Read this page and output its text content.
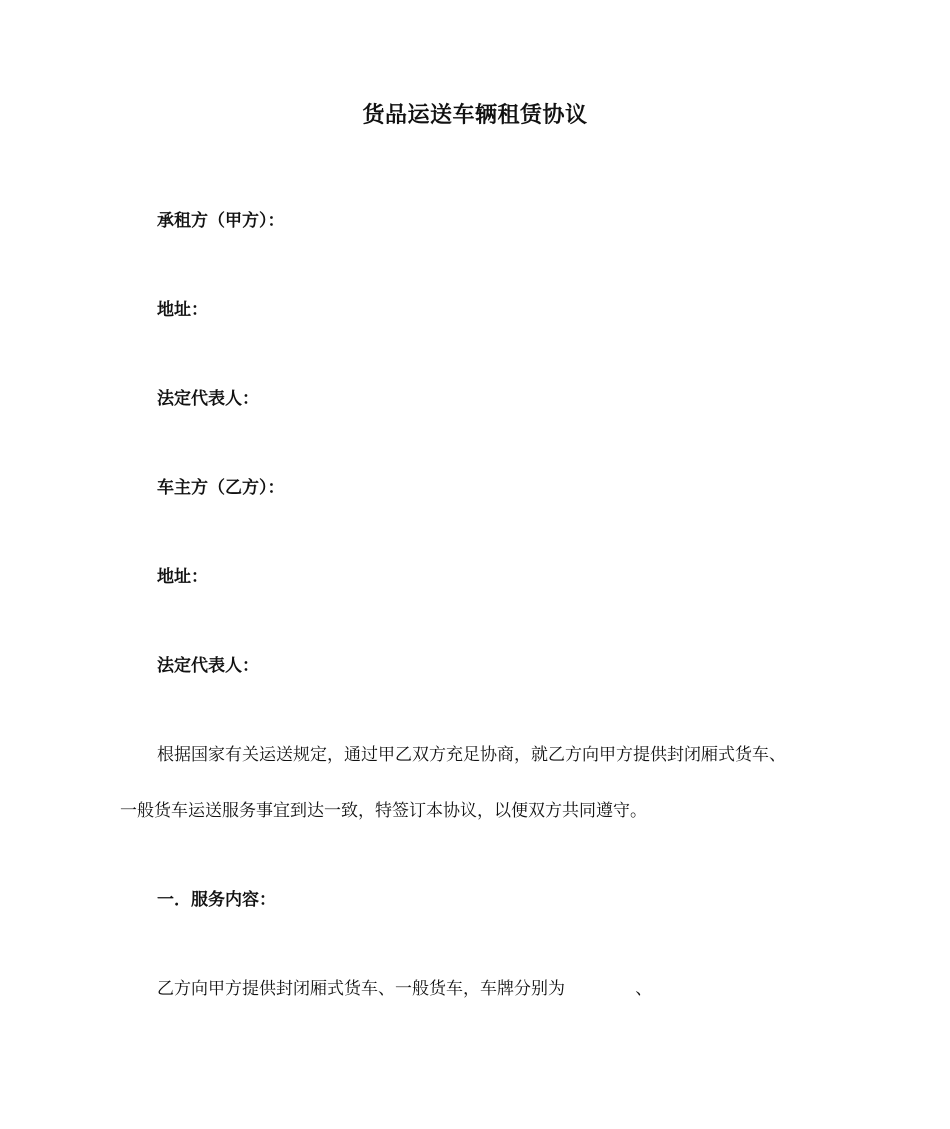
货品运送车辆租赁协议
承租方（甲方）：
地址：
法定代表人：
车主方（乙方）：
地址：
法定代表人：
根据国家有关运送规定，通过甲乙双方充足协商，就乙方向甲方提供封闭厢式货车、
一般货车运送服务事宜到达一致，特签订本协议，以便双方共同遵守。
一．服务内容：
乙方向甲方提供封闭厢式货车、一般货车，车牌分别为             、
